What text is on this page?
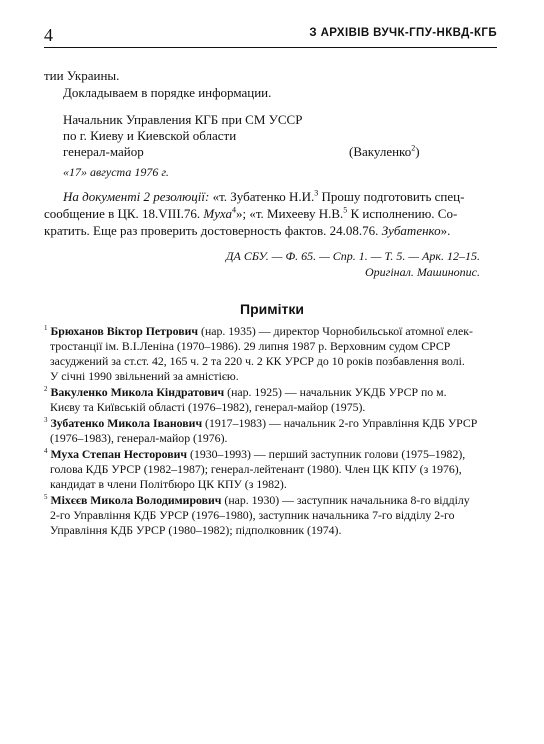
4	З АРХІВІВ ВУЧК-ГПУ-НКВД-КГБ
тии Украины.
Докладываем в порядке информации.
Начальник Управления КГБ при СМ УССР
по г. Киеву и Киевской области
генерал-майор	(Вакуленко$^2$)
«17» августа 1976 г.
На документі 2 резолюції: «т. Зубатенко Н.И.$^3$ Прошу подготовить спец-
сообщение в ЦК. 18.VIII.76. Муха$^4$»; «т. Михееву Н.В.$^5$ К исполнению. Со-
кратить. Еще раз проверить достоверность фактов. 24.08.76. Зубатенко».
ДА СБУ. — Ф. 65. — Спр. 1. — Т. 5. — Арк. 12–15.
Оригінал. Машинопис.
Примітки
$^1$ Брюханов Віктор Петрович (нар. 1935) — директор Чорнобильської атомної елек-
тростанції ім. В.І.Леніна (1970–1986). 29 липня 1987 р. Верховним судом СРСР
засуджений за ст.ст. 42, 165 ч. 2 та 220 ч. 2 КК УРСР до 10 років позбавлення волі.
У січні 1990 звільнений за амністією.
$^2$ Вакуленко Микола Кіндратович (нар. 1925) — начальник УКДБ УРСР по м.
Києву та Київській області (1976–1982), генерал-майор (1975).
$^3$ Зубатенко Микола Іванович (1917–1983) — начальник 2-го Управління КДБ УРСР
(1976–1983), генерал-майор (1976).
$^4$ Муха Степан Несторович (1930–1993) — перший заступник голови (1975–1982),
голова КДБ УРСР (1982–1987); генерал-лейтенант (1980). Член ЦК КПУ (з 1976),
кандидат в члени Політбюро ЦК КПУ (з 1982).
$^5$ Міхєєв Микола Володимирович (нар. 1930) — заступник начальника 8-го відділу
2-го Управління КДБ УРСР (1976–1980), заступник начальника 7-го відділу 2-го
Управління КДБ УРСР (1980–1982); підполковник (1974).
